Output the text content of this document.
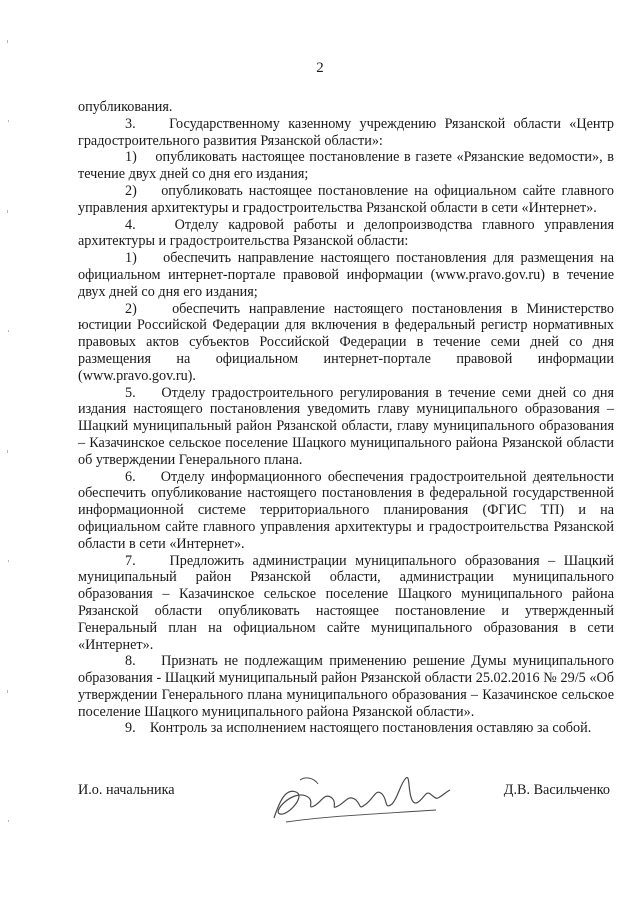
2

опубликования.

3.    Государственному казенному учреждению Рязанской области «Центр градостроительного развития Рязанской области»:

1)    опубликовать настоящее постановление в газете «Рязанские ведомости», в течение двух дней со дня его издания;

2)    опубликовать настоящее постановление на официальном сайте главного управления архитектуры и градостроительства Рязанской области в сети «Интернет».

4.    Отделу кадровой работы и делопроизводства главного управления архитектуры и градостроительства Рязанской области:

1)    обеспечить направление настоящего постановления для размещения на официальном интернет-портале правовой информации (www.pravo.gov.ru) в течение двух дней со дня его издания;

2)    обеспечить направление настоящего постановления в Министерство юстиции Российской Федерации для включения в федеральный регистр нормативных правовых актов субъектов Российской Федерации в течение семи дней со дня размещения на официальном интернет-портале правовой информации (www.pravo.gov.ru).

5.    Отделу градостроительного регулирования в течение семи дней со дня издания настоящего постановления уведомить главу муниципального образования – Шацкий муниципальный район Рязанской области, главу муниципального образования – Казачинское сельское поселение Шацкого муниципального района Рязанской области об утверждении Генерального плана.

6.    Отделу информационного обеспечения градостроительной деятельности обеспечить опубликование настоящего постановления в федеральной государственной информационной системе территориального планирования (ФГИС ТП) и на официальном сайте главного управления архитектуры и градостроительства Рязанской области в сети «Интернет».

7.    Предложить администрации муниципального образования – Шацкий муниципальный район Рязанской области, администрации муниципального образования – Казачинское сельское поселение Шацкого муниципального района Рязанской области опубликовать настоящее постановление и утвержденный Генеральный план на официальном сайте муниципального образования в сети «Интернет».

8.    Признать не подлежащим применению решение Думы муниципального образования - Шацкий муниципальный район Рязанской области 25.02.2016 № 29/5 «Об утверждении Генерального плана муниципального образования – Казачинское сельское поселение Шацкого муниципального района Рязанской области».

9.    Контроль за исполнением настоящего постановления оставляю за собой.

И.о. начальника	Д.В. Васильченко
